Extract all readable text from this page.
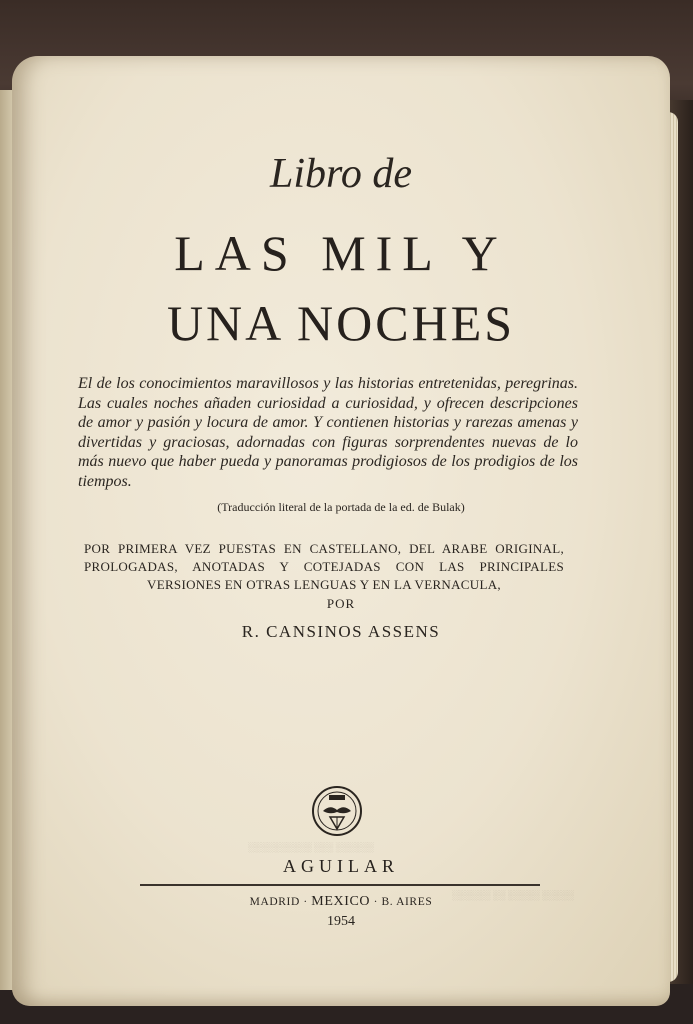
Libro de
LAS MIL Y
UNA NOCHES
El de los conocimientos maravillosos y las historias entretenidas, peregrinas. Las cuales noches añaden curiosidad a curiosidad, y ofrecen descripciones de amor y pasión y locura de amor. Y contienen historias y rarezas amenas y divertidas y graciosas, adornadas con figuras sorprendentes nuevas de lo más nuevo que haber pueda y panoramas prodigiosos de los prodigios de los tiempos.
(Traducción literal de la portada de la ed. de Bulak)
POR PRIMERA VEZ PUESTAS EN CASTELLANO, DEL ARABE ORIGINAL, PROLOGADAS, ANOTADAS Y COTEJADAS CON LAS PRINCIPALES VERSIONES EN OTRAS LENGUAS Y EN LA VERNACULA,
POR
R. CANSINOS ASSENS
░░░░░░░░░░ ░░░ ░░░░░░
░░░░░░ ░░ ░░░░░ ░░░░░
AGUILAR
MADRID · MEXICO · B. AIRES
1954
